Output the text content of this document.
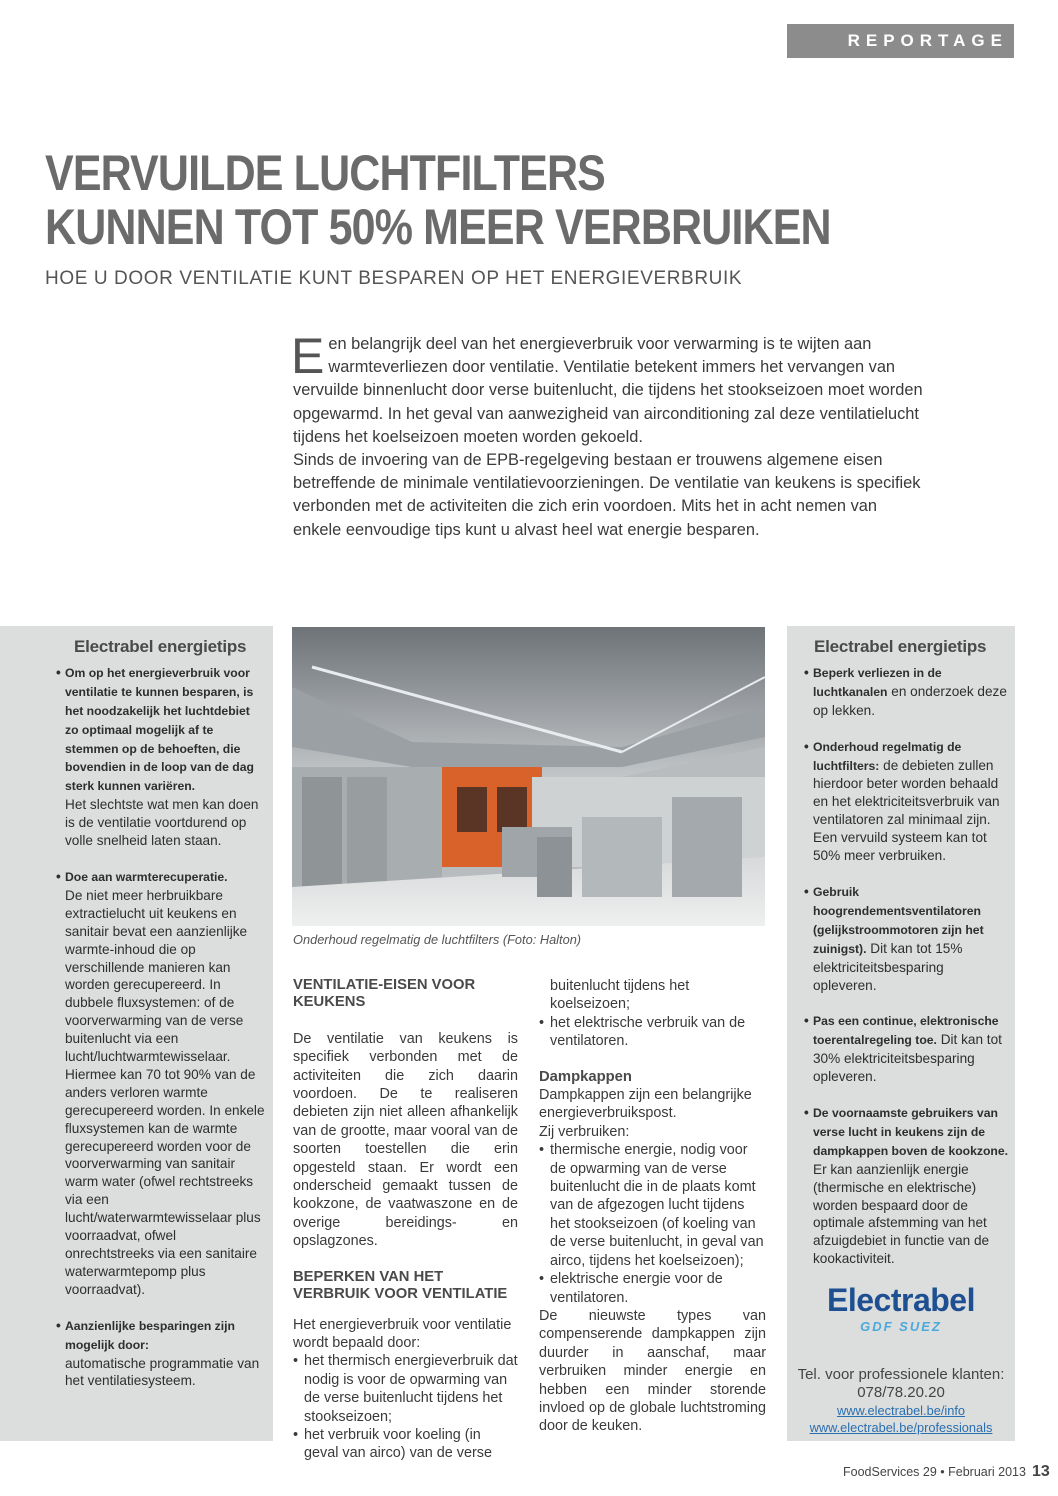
REPORTAGE
VERVUILDE LUCHTFILTERS
KUNNEN TOT 50% MEER VERBRUIKEN
HOE U DOOR VENTILATIE KUNT BESPAREN OP HET ENERGIEVERBRUIK
E en belangrijk deel van het energieverbruik voor verwarming is te wijten aan warmteverliezen door ventilatie. Ventilatie betekent immers het vervangen van vervuilde binnenlucht door verse buitenlucht, die tijdens het stookseizoen moet worden opgewarmd. In het geval van aanwezigheid van airconditioning zal deze ventilatielucht tijdens het koelseizoen moeten worden gekoeld.

Sinds de invoering van de EPB-regelgeving bestaan er trouwens algemene eisen betreffende de minimale ventilatievoorzieningen. De ventilatie van keukens is specifiek verbonden met de activiteiten die zich erin voordoen. Mits het in acht nemen van enkele eenvoudige tips kunt u alvast heel wat energie besparen.

Electrabel energietips
• Om op het energieverbruik voor ventilatie te kunnen besparen, is het noodzakelijk het luchtdebiet zo optimaal mogelijk af te stemmen op de behoeften, die bovendien in de loop van de dag sterk kunnen variëren.
Het slechtste wat men kan doen is de ventilatie voortdurend op volle snelheid laten staan.
• Doe aan warmterecuperatie.
De niet meer herbruikbare extractielucht uit keukens en sanitair bevat een aanzienlijke warmte-inhoud die op verschillende manieren kan worden gerecupereerd. In dubbele fluxsystemen: of de voorverwarming van de verse buitenlucht via een lucht/luchtwarmtewisselaar. Hiermee kan 70 tot 90% van de anders verloren warmte gerecupereerd worden. In enkele fluxsystemen kan de warmte gerecupereerd worden voor de voorverwarming van sanitair warm water (ofwel rechtstreeks via een lucht/waterwarmtewisselaar plus voorraadvat, ofwel onrechtstreeks via een sanitaire waterwarmtepomp plus voorraadvat).
• Aanzienlijke besparingen zijn mogelijk door:
automatische programmatie van het ventilatiesysteem.
Onderhoud regelmatig de luchtfilters (Foto: Halton)
VENTILATIE-EISEN VOOR KEUKENS

De ventilatie van keukens is specifiek verbonden met de activiteiten die zich daarin voordoen. De te realiseren debieten zijn niet alleen afhankelijk van de grootte, maar vooral van de soorten toestellen die erin opgesteld staan. Er wordt een onderscheid gemaakt tussen de kookzone, de vaatwaszone en de overige bereidings- en opslagzones.

BEPERKEN VAN HET VERBRUIK VOOR VENTILATIE

Het energieverbruik voor ventilatie wordt bepaald door:

• het thermisch energieverbruik dat nodig is voor de opwarming van de verse buitenlucht tijdens het stookseizoen;
• het verbruik voor koeling (in geval van airco) van de verse

buitenlucht tijdens het koelseizoen;

• het elektrische verbruik van de ventilatoren.
Dampkappen

Dampkappen zijn een belangrijke energieverbruikspost.

Zij verbruiken:

• thermische energie, nodig voor de opwarming van de verse buitenlucht die in de plaats komt van de afgezogen lucht tijdens het stookseizoen (of koeling van de verse buitenlucht, in geval van airco, tijdens het koelseizoen);
• elektrische energie voor de ventilatoren.

De nieuwste types van compenserende dampkappen zijn duurder in aanschaf, maar verbruiken minder energie en hebben een minder storende invloed op de globale luchtstroming door de keuken.

Electrabel energietips
• Beperk verliezen in de luchtkanalen en onderzoek deze op lekken.
• Onderhoud regelmatig de luchtfilters: de debieten zullen hierdoor beter worden behaald en het elektriciteitsverbruik van ventilatoren zal minimaal zijn. Een vervuild systeem kan tot 50% meer verbruiken.
• Gebruik hoogrendementsventilatoren (gelijkstroommotoren zijn het zuinigst). Dit kan tot 15% elektriciteitsbesparing opleveren.
• Pas een continue, elektronische toerentalregeling toe. Dit kan tot 30% elektriciteitsbesparing opleveren.
• De voornaamste gebruikers van verse lucht in keukens zijn de dampkappen boven de kookzone. Er kan aanzienlijk energie (thermische en elektrische) worden bespaard door de optimale afstemming van het afzuigdebiet in functie van de kookactiviteit.
Electrabel
GDF SUEZ
Tel. voor professionele klanten:
078/78.20.20
www.electrabel.be/info
www.electrabel.be/professionals
FoodServices 29 • Februari 2013 13
